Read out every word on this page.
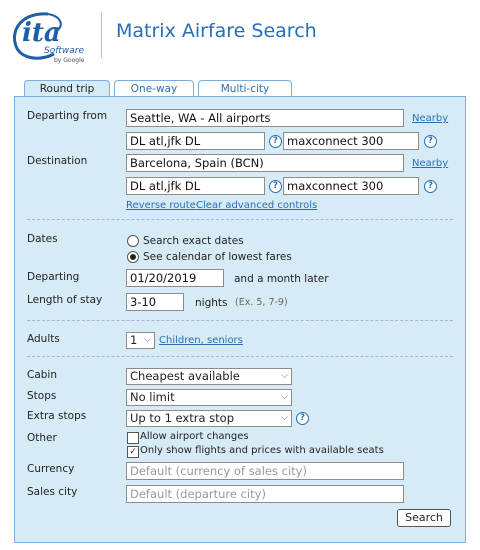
ita
Software
by Google
Matrix Airfare Search
Round trip	One-way	Multi-city
Departing from	Seattle, WA - All airports	Nearby
DL atl,jfk DL	? maxconnect 300	?
Destination	Barcelona, Spain (BCN)	Nearby
DL atl,jfk DL	? maxconnect 300	?
Reverse route Clear advanced controls
Dates	Search exact dates
See calendar of lowest fares
Departing	01/20/2019	and a month later
Length of stay	3-10	nights (Ex. 5, 7-9)
Adults	1 ⌵ Children, seniors
Cabin	Cheapest available	⌵
Stops	No limit	⌵
Extra stops	Up to 1 extra stop	⌵	?
Other	Allow airport changes
✓ Only show flights and prices with available seats
Currency	Default (currency of sales city)
Sales city	Default (departure city)
Search
